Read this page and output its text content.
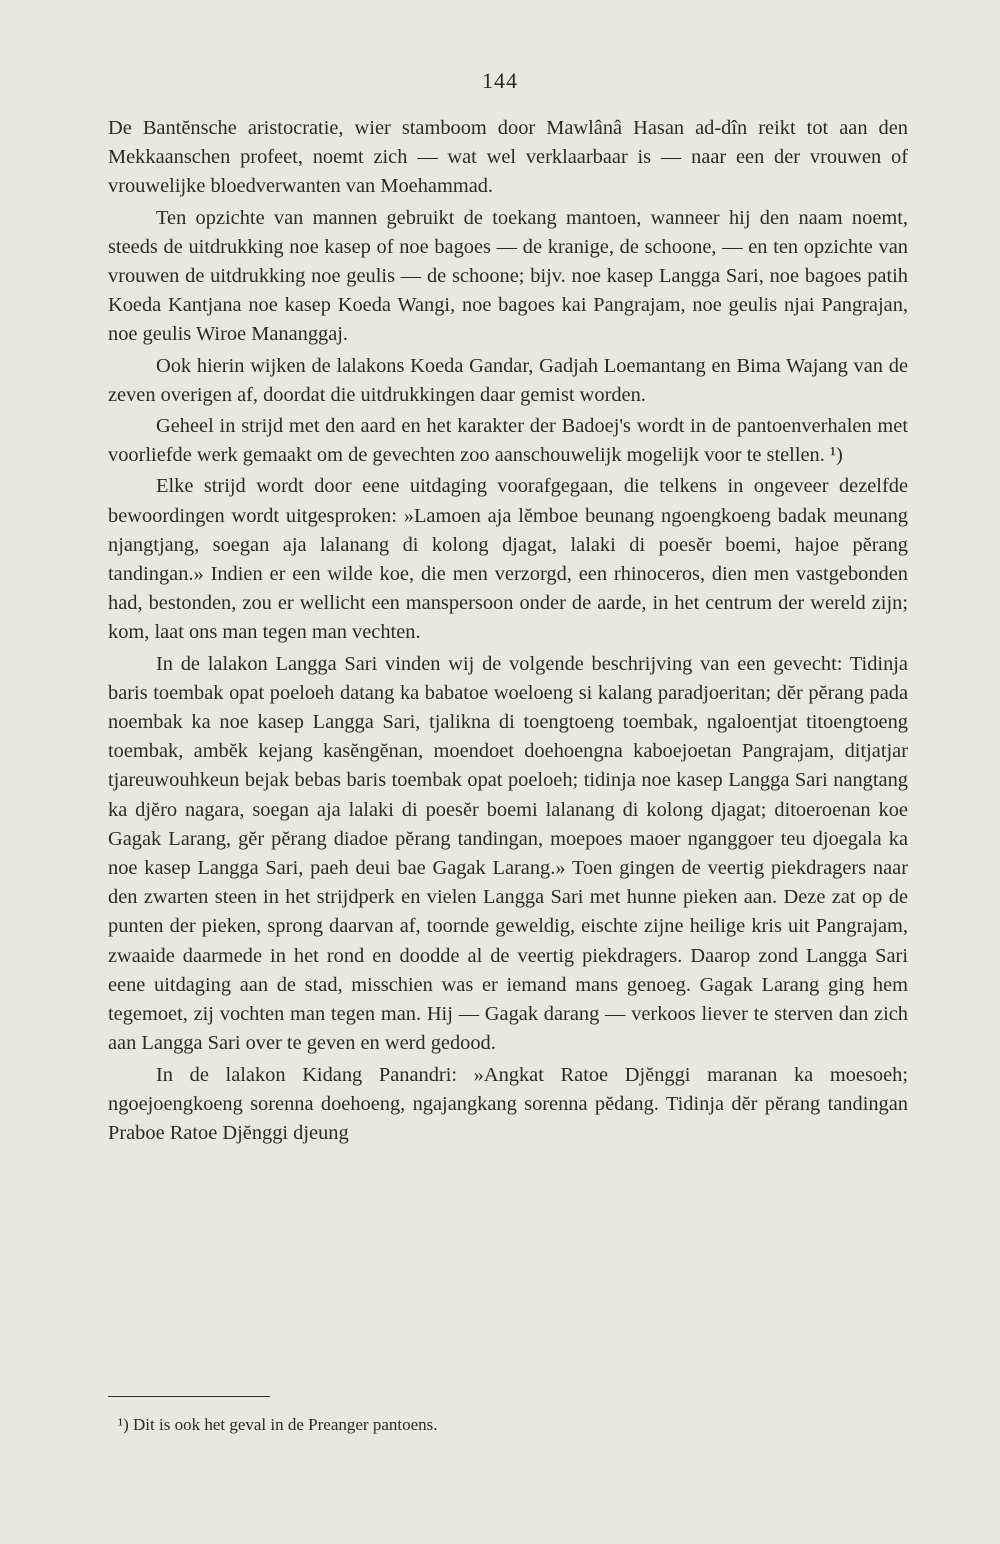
144

De Bantĕnsche aristocratie, wier stamboom door Mawlânâ Hasan ad-dîn reikt tot aan den Mekkaanschen profeet, noemt zich — wat wel verklaarbaar is — naar een der vrouwen of vrouwelijke bloedverwanten van Moehammad.

Ten opzichte van mannen gebruikt de toekang mantoen, wanneer hij den naam noemt, steeds de uitdrukking noe kasep of noe bagoes — de kranige, de schoone, — en ten opzichte van vrouwen de uitdrukking noe geulis — de schoone; bijv. noe kasep Langga Sari, noe bagoes patih Koeda Kantjana noe kasep Koeda Wangi, noe bagoes kai Pangrajam, noe geulis njai Pangrajan, noe geulis Wiroe Mananggaj.

Ook hierin wijken de lalakons Koeda Gandar, Gadjah Loemantang en Bima Wajang van de zeven overigen af, doordat die uitdrukkingen daar gemist worden.

Geheel in strijd met den aard en het karakter der Badoej's wordt in de pantoenverhalen met voorliefde werk gemaakt om de gevechten zoo aanschouwelijk mogelijk voor te stellen. ¹)

Elke strijd wordt door eene uitdaging voorafgegaan, die telkens in ongeveer dezelfde bewoordingen wordt uitgesproken: »Lamoen aja lĕmboe beunang ngoengkoeng badak meunang njangtjang, soegan aja lalanang di kolong djagat, lalaki di poesĕr boemi, hajoe pĕrang tandingan.» Indien er een wilde koe, die men verzorgd, een rhinoceros, dien men vastgebonden had, bestonden, zou er wellicht een manspersoon onder de aarde, in het centrum der wereld zijn; kom, laat ons man tegen man vechten.

In de lalakon Langga Sari vinden wij de volgende beschrijving van een gevecht: Tidinja baris toembak opat poeloeh datang ka babatoe woeloeng si kalang paradjoeritan; dĕr pĕrang pada noembak ka noe kasep Langga Sari, tjalikna di toengtoeng toembak, ngaloentjat titoengtoeng toembak, ambĕk kejang kasĕngĕnan, moendoet doehoengna kaboejoetan Pangrajam, ditjatjar tjareuwouhkeun bejak bebas baris toembak opat poeloeh; tidinja noe kasep Langga Sari nangtang ka djĕro nagara, soegan aja lalaki di poesĕr boemi lalanang di kolong djagat; ditoeroenan koe Gagak Larang, gĕr pĕrang diadoe pĕrang tandingan, moepoes maoer nganggoer teu djoegala ka noe kasep Langga Sari, paeh deui bae Gagak Larang.» Toen gingen de veertig piekdragers naar den zwarten steen in het strijdperk en vielen Langga Sari met hunne pieken aan. Deze zat op de punten der pieken, sprong daarvan af, toornde geweldig, eischte zijne heilige kris uit Pangrajam, zwaaide daarmede in het rond en doodde al de veertig piekdragers. Daarop zond Langga Sari eene uitdaging aan de stad, misschien was er iemand mans genoeg. Gagak Larang ging hem tegemoet, zij vochten man tegen man. Hij — Gagak darang — verkoos liever te sterven dan zich aan Langga Sari over te geven en werd gedood.

In de lalakon Kidang Panandri: »Angkat Ratoe Djĕnggi maranan ka moesoeh; ngoejoengkoeng sorenna doehoeng, ngajangkang sorenna pĕdang. Tidinja dĕr pĕrang tandingan Praboe Ratoe Djĕnggi djeung

¹) Dit is ook het geval in de Preanger pantoens.
